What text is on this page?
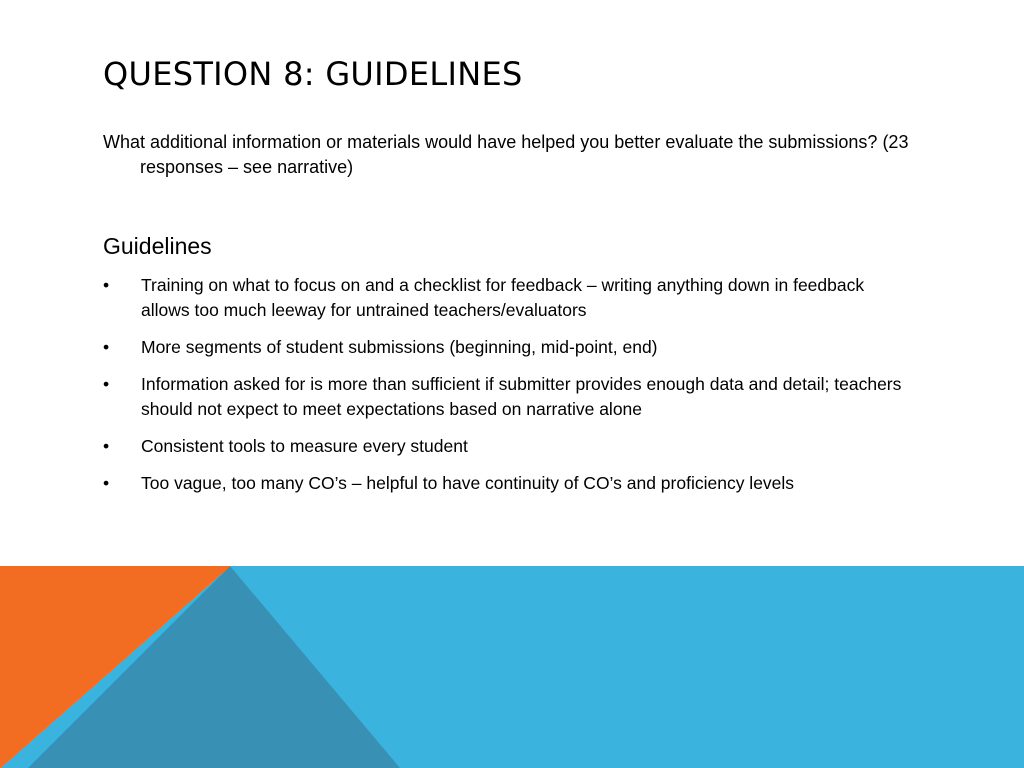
QUESTION 8: GUIDELINES

What additional information or materials would have helped you better evaluate the submissions? (23 responses – see narrative)

Guidelines
•	Training on what to focus on and a checklist for feedback – writing anything down in feedback allows too much leeway for untrained teachers/evaluators
•	More segments of student submissions (beginning, mid-point, end)
•	Information asked for is more than sufficient if submitter provides enough data and detail; teachers should not expect to meet expectations based on narrative alone
•	Consistent tools to measure every student
•	Too vague, too many CO’s – helpful to have continuity of CO’s and proficiency levels
